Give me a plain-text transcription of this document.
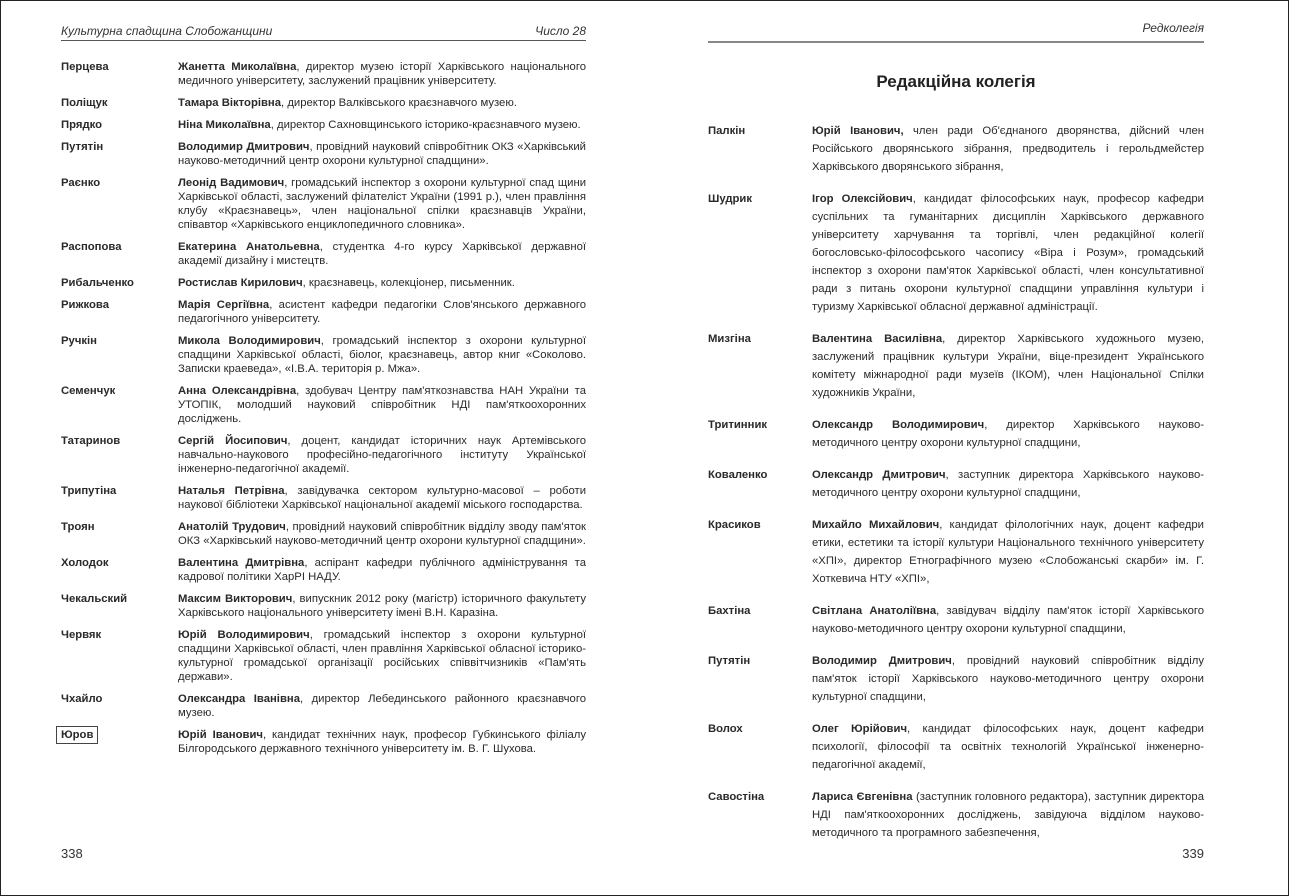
Культурна спадщина Слобожанщини	Число 28
Перцева	Жанетта Миколаївна, директор музею історії Харківського національного медичного університету, заслужений працівник університету.
Поліщук	Тамара Вікторівна, директор Валківського краєзнавчого музею.
Прядко	Ніна Миколаївна, директор Сахновщинського історико-краєзнавчого музею.
Путятін	Володимир Дмитрович, провідний науковий співробітник ОКЗ «Харківський науково-методичний центр охорони культурної спадщини».
Раєнко	Леонід Вадимович, громадський інспектор з охорони культурної спад щини Харківської області, заслужений філателіст України (1991 р.), член правління клубу «Краєзнавець», член національної спілки краєзнавців України, співавтор «Харківського енциклопедичного словника».
Распопова	Екатерина Анатольевна, студентка 4-го курсу Харківської державної академії дизайну і мистецтв.
Рибальченко	Ростислав Кирилович, краєзнавець, колекціонер, письменник.
Рижкова	Марія Сергіївна, асистент кафедри педагогіки Слов'янського державного педагогічного університету.
Ручкін	Микола Володимирович, громадський інспектор з охорони культурної спадщини Харківської області, біолог, краєзнавець, автор книг «Соколово. Записки краеведа», «І.В.А. територія р. Мжа».
Семенчук	Анна Олександрівна, здобувач Центру пам'яткознавства НАН України та УТОПІК, молодший науковий співробітник НДІ пам'яткоохоронних досліджень.
Татаринов	Сергій Йосипович, доцент, кандидат історичних наук Артемівського навчально-наукового професійно-педагогічного інституту Української інженерно-педагогічної академії.
Трипутіна	Наталья Петрівна, завідувачка сектором культурно-масової – роботи наукової бібліотеки Харківської національної академії міського господарства.
Троян	Анатолій Трудович, провідний науковий співробітник відділу зводу пам'яток ОКЗ «Харківський науково-методичний центр охорони культурної спадщини».
Холодок	Валентина Дмитрівна, аспірант кафедри публічного адміністрування та кадрової політики ХарРІ НАДУ.
Чекальский	Максим Викторович, випускник 2012 року (магістр) історичного факультету Харківського національного університету імені В.Н. Каразіна.
Червяк	Юрій Володимирович, громадський інспектор з охорони культурної спадщини Харківської області, член правління Харківської обласної історико-культурної громадської організації російських співвітчизників «Пам'ять держави».
Чхайло	Олександра Іванівна, директор Лебединського районного краєзнавчого музею.
Юров	Юрій Іванович, кандидат технічних наук, професор Губкинського філіалу Білгородського державного технічного університету ім. В. Г. Шухова.
338
Редколегія
Редакційна колегія
Палкін	Юрій Іванович, член ради Об'єднаного дворянства, дійсний член Російського дворянського зібрання, предводитель і герольдмейстер Харківського дворянського зібрання,
Шудрик	Ігор Олексійович, кандидат філософських наук, професор кафедри суспільних та гуманітарних дисциплін Харківського державного університету харчування та торгівлі, член редакційної колегії богословсько-філософського часопису «Віра і Розум», громадський інспектор з охорони пам'яток Харківської області, член консультативної ради з питань охорони культурної спадщини управління культури і туризму Харківської обласної державної адміністрації.
Мизгіна	Валентина Василівна, директор Харківського художнього музею, заслужений працівник культури України, віце-президент Українського комітету міжнародної ради музеїв (ІКОМ), член Національної Спілки художників України,
Тритинник	Олександр Володимирович, директор Харківського науково-методичного центру охорони культурної спадщини,
Коваленко	Олександр Дмитрович, заступник директора Харківського науково-методичного центру охорони культурної спадщини,
Красиков	Михайло Михайлович, кандидат філологічних наук, доцент кафедри етики, естетики та історії культури Національного технічного університету «ХПІ», директор Етнографічного музею «Слобожанські скарби» ім. Г. Хоткевича НТУ «ХПІ»,
Бахтіна	Світлана Анатоліївна, завідувач відділу пам'яток історії Харківського науково-методичного центру охорони культурної спадщини,
Путятін	Володимир Дмитрович, провідний науковий співробітник відділу пам'яток історії Харківського науково-методичного центру охорони культурної спадщини,
Волох	Олег Юрійович, кандидат філософських наук, доцент кафедри психології, філософії та освітніх технологій Української інженерно-педагогічної академії,
Савостіна	Лариса Євгенівна (заступник головного редактора), заступник директора НДІ пам'яткоохоронних досліджень, завідуюча відділом науково-методичного та програмного забезпечення,
339
